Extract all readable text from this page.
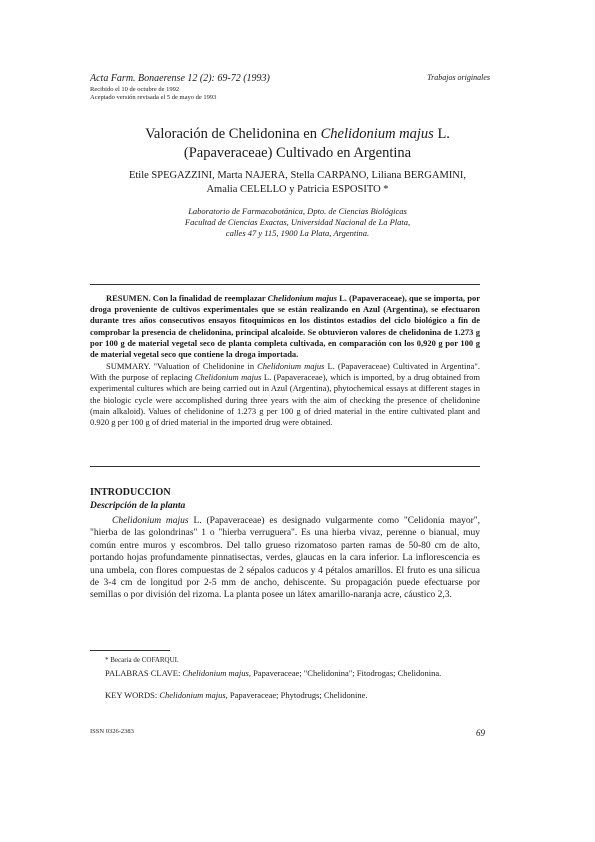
Acta Farm. Bonaerense 12 (2): 69-72 (1993)	Trabajos originales
Recibido el 10 de octubre de 1992
Aceptado versión revisada el 5 de mayo de 1993
Valoración de Chelidonina en Chelidonium majus L.
(Papaveraceae) Cultivado en Argentina
Etile SPEGAZZINI, Marta NAJERA, Stella CARPANO, Liliana BERGAMINI,
Amalia CELELLO y Patricia ESPOSITO *
Laboratorio de Farmacobotánica, Dpto. de Ciencias Biológicas
Facultad de Ciencias Exactas, Universidad Nacional de La Plata,
calles 47 y 115, 1900 La Plata, Argentina.

RESUMEN. Con la finalidad de reemplazar Chelidonium majus L. (Papaveraceae), que se importa, por droga proveniente de cultivos experimentales que se están realizando en Azul (Argentina), se efectuaron durante tres años consecutivos ensayos fitoquímicos en los distintos estadios del ciclo biológico a fin de comprobar la presencia de chelidonina, principal alcaloide. Se obtuvieron valores de chelidonina de 1.273 g por 100 g de material vegetal seco de planta completa cultivada, en comparación con los 0,920 g por 100 g de material vegetal seco que contiene la droga importada.

SUMMARY. "Valuation of Chelidonine in Chelidonium majus L. (Papaveraceae) Cultivated in Argentina". With the purpose of replacing Chelidonium majus L. (Papaveraceae), which is imported, by a drug obtained from experimental cultures which are being carried out in Azul (Argentina), phytochemical essays at different stages in the biologic cycle were accomplished during three years with the aim of checking the presence of chelidonine (main alkaloid). Values of chelidonine of 1.273 g per 100 g of dried material in the entire cultivated plant and 0.920 g per 100 g of dried material in the imported drug were obtained.

INTRODUCCION
Descripción de la planta

Chelidonium majus L. (Papaveraceae) es designado vulgarmente como "Celidonia mayor", "hierba de las golondrinas" 1 o "hierba verruguera". Es una hierba vivaz, perenne o bianual, muy común entre muros y escombros. Del tallo grueso rizomatoso parten ramas de 50-80 cm de alto, portando hojas profundamente pinnatisectas, verdes, glaucas en la cara inferior. La inflorescencia es una umbela, con flores compuestas de 2 sépalos caducos y 4 pétalos amarillos. El fruto es una silicua de 3-4 cm de longitud por 2-5 mm de ancho, dehiscente. Su propagación puede efectuarse por semillas o por división del rizoma. La planta posee un látex amarillo-naranja acre, cáustico 2,3.

* Becaria de COFARQUI.

PALABRAS CLAVE: Chelidonium majus, Papaveraceae; "Chelidonina"; Fitodrogas; Chelidonina.

KEY WORDS: Chelidonium majus, Papaveraceae; Phytodrugs; Chelidonine.

ISSN 0326-2383	69
